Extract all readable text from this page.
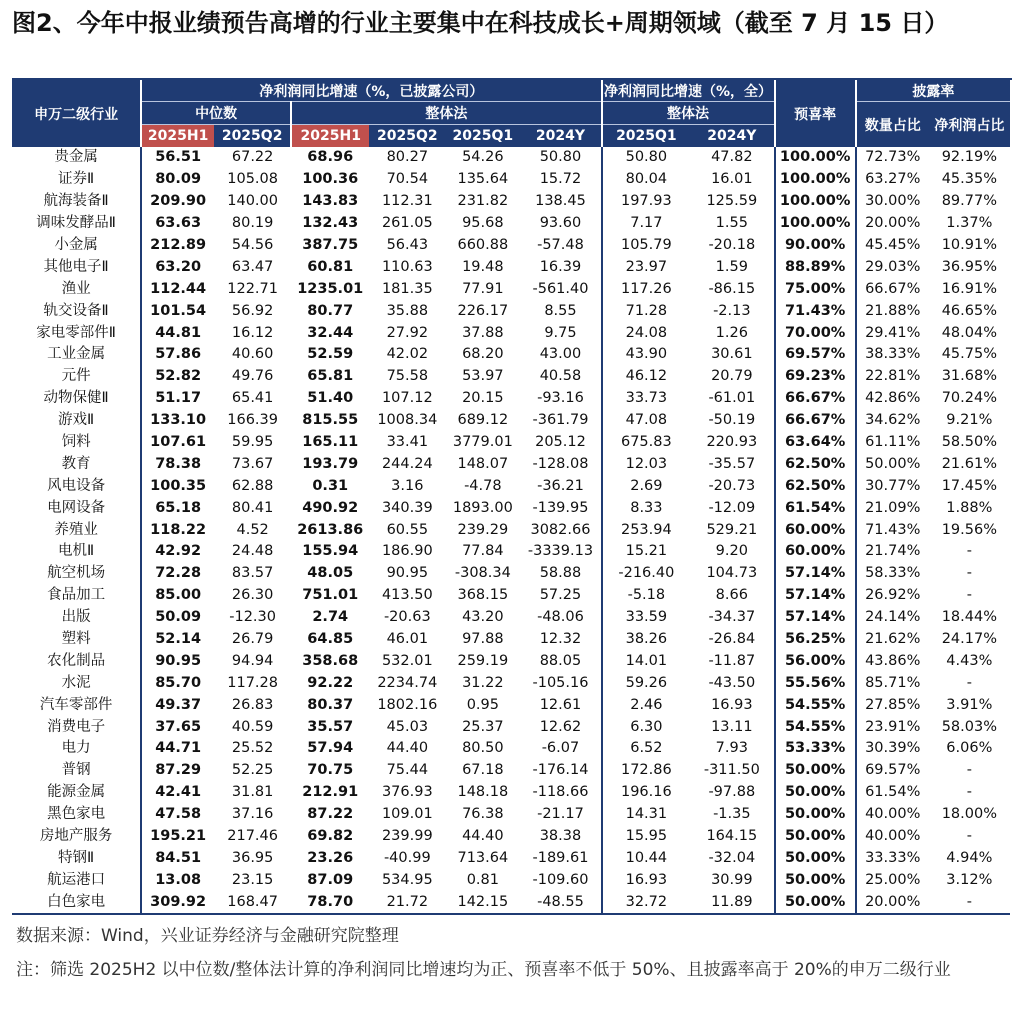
图2、今年中报业绩预告高增的行业主要集中在科技成长+周期领域（截至 7 月 15 日）
申万二级行业	净利润同比增速（%，已披露公司）						净利润同比增速（%，全）		预喜率	披露率	
	中位数		整体法				整体法			数量占比	净利润占比
	2025H1	2025Q2	2025H1	2025Q2	2025Q1	2024Y	2025Q1	2024Y			
贵金属	56.51	67.22	68.96	80.27	54.26	50.80	50.80	47.82	100.00%	72.73%	92.19%
证券Ⅱ	80.09	105.08	100.36	70.54	135.64	15.72	80.04	16.01	100.00%	63.27%	45.35%
航海装备Ⅱ	209.90	140.00	143.83	112.31	231.82	138.45	197.93	125.59	100.00%	30.00%	89.77%
调味发酵品Ⅱ	63.63	80.19	132.43	261.05	95.68	93.60	7.17	1.55	100.00%	20.00%	1.37%
小金属	212.89	54.56	387.75	56.43	660.88	-57.48	105.79	-20.18	90.00%	45.45%	10.91%
其他电子Ⅱ	63.20	63.47	60.81	110.63	19.48	16.39	23.97	1.59	88.89%	29.03%	36.95%
渔业	112.44	122.71	1235.01	181.35	77.91	-561.40	117.26	-86.15	75.00%	66.67%	16.91%
轨交设备Ⅱ	101.54	56.92	80.77	35.88	226.17	8.55	71.28	-2.13	71.43%	21.88%	46.65%
家电零部件Ⅱ	44.81	16.12	32.44	27.92	37.88	9.75	24.08	1.26	70.00%	29.41%	48.04%
工业金属	57.86	40.60	52.59	42.02	68.20	43.00	43.90	30.61	69.57%	38.33%	45.75%
元件	52.82	49.76	65.81	75.58	53.97	40.58	46.12	20.79	69.23%	22.81%	31.68%
动物保健Ⅱ	51.17	65.41	51.40	107.12	20.15	-93.16	33.73	-61.01	66.67%	42.86%	70.24%
游戏Ⅱ	133.10	166.39	815.55	1008.34	689.12	-361.79	47.08	-50.19	66.67%	34.62%	9.21%
饲料	107.61	59.95	165.11	33.41	3779.01	205.12	675.83	220.93	63.64%	61.11%	58.50%
教育	78.38	73.67	193.79	244.24	148.07	-128.08	12.03	-35.57	62.50%	50.00%	21.61%
风电设备	100.35	62.88	0.31	3.16	-4.78	-36.21	2.69	-20.73	62.50%	30.77%	17.45%
电网设备	65.18	80.41	490.92	340.39	1893.00	-139.95	8.33	-12.09	61.54%	21.09%	1.88%
养殖业	118.22	4.52	2613.86	60.55	239.29	3082.66	253.94	529.21	60.00%	71.43%	19.56%
电机Ⅱ	42.92	24.48	155.94	186.90	77.84	-3339.13	15.21	9.20	60.00%	21.74%	-
航空机场	72.28	83.57	48.05	90.95	-308.34	58.88	-216.40	104.73	57.14%	58.33%	-
食品加工	85.00	26.30	751.01	413.50	368.15	57.25	-5.18	8.66	57.14%	26.92%	-
出版	50.09	-12.30	2.74	-20.63	43.20	-48.06	33.59	-34.37	57.14%	24.14%	18.44%
塑料	52.14	26.79	64.85	46.01	97.88	12.32	38.26	-26.84	56.25%	21.62%	24.17%
农化制品	90.95	94.94	358.68	532.01	259.19	88.05	14.01	-11.87	56.00%	43.86%	4.43%
水泥	85.70	117.28	92.22	2234.74	31.22	-105.16	59.26	-43.50	55.56%	85.71%	-
汽车零部件	49.37	26.83	80.37	1802.16	0.95	12.61	2.46	16.93	54.55%	27.85%	3.91%
消费电子	37.65	40.59	35.57	45.03	25.37	12.62	6.30	13.11	54.55%	23.91%	58.03%
电力	44.71	25.52	57.94	44.40	80.50	-6.07	6.52	7.93	53.33%	30.39%	6.06%
普钢	87.29	52.25	70.75	75.44	67.18	-176.14	172.86	-311.50	50.00%	69.57%	-
能源金属	42.41	31.81	212.91	376.93	148.18	-118.66	196.16	-97.88	50.00%	61.54%	-
黑色家电	47.58	37.16	87.22	109.01	76.38	-21.17	14.31	-1.35	50.00%	40.00%	18.00%
房地产服务	195.21	217.46	69.82	239.99	44.40	38.38	15.95	164.15	50.00%	40.00%	-
特钢Ⅱ	84.51	36.95	23.26	-40.99	713.64	-189.61	10.44	-32.04	50.00%	33.33%	4.94%
航运港口	13.08	23.15	87.09	534.95	0.81	-109.60	16.93	30.99	50.00%	25.00%	3.12%
白色家电	309.92	168.47	78.70	21.72	142.15	-48.55	32.72	11.89	50.00%	20.00%	-
数据来源：Wind，兴业证券经济与金融研究院整理
注：筛选 2025H2 以中位数/整体法计算的净利润同比增速均为正、预喜率不低于 50%、且披露率高于 20%的申万二级行业
